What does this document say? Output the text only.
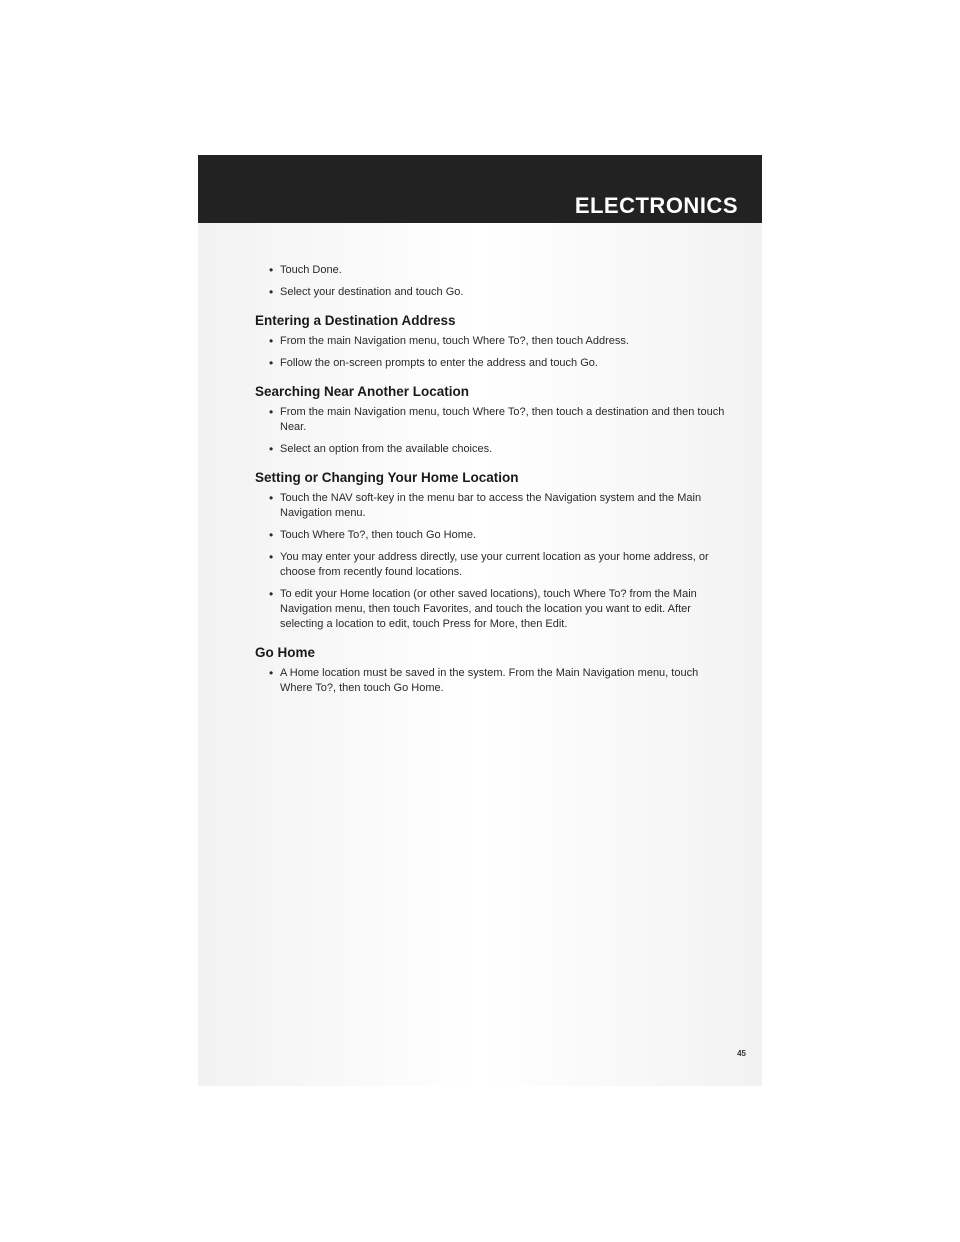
ELECTRONICS
• Touch Done.
• Select your destination and touch Go.
Entering a Destination Address
• From the main Navigation menu, touch Where To?, then touch Address.
• Follow the on-screen prompts to enter the address and touch Go.
Searching Near Another Location
• From the main Navigation menu, touch Where To?, then touch a destination and then touch Near.
• Select an option from the available choices.
Setting or Changing Your Home Location
• Touch the NAV soft-key in the menu bar to access the Navigation system and the Main Navigation menu.
• Touch Where To?, then touch Go Home.
• You may enter your address directly, use your current location as your home address, or choose from recently found locations.
• To edit your Home location (or other saved locations), touch Where To? from the Main Navigation menu, then touch Favorites, and touch the location you want to edit. After selecting a location to edit, touch Press for More, then Edit.
Go Home
• A Home location must be saved in the system. From the Main Navigation menu, touch Where To?, then touch Go Home.
45
